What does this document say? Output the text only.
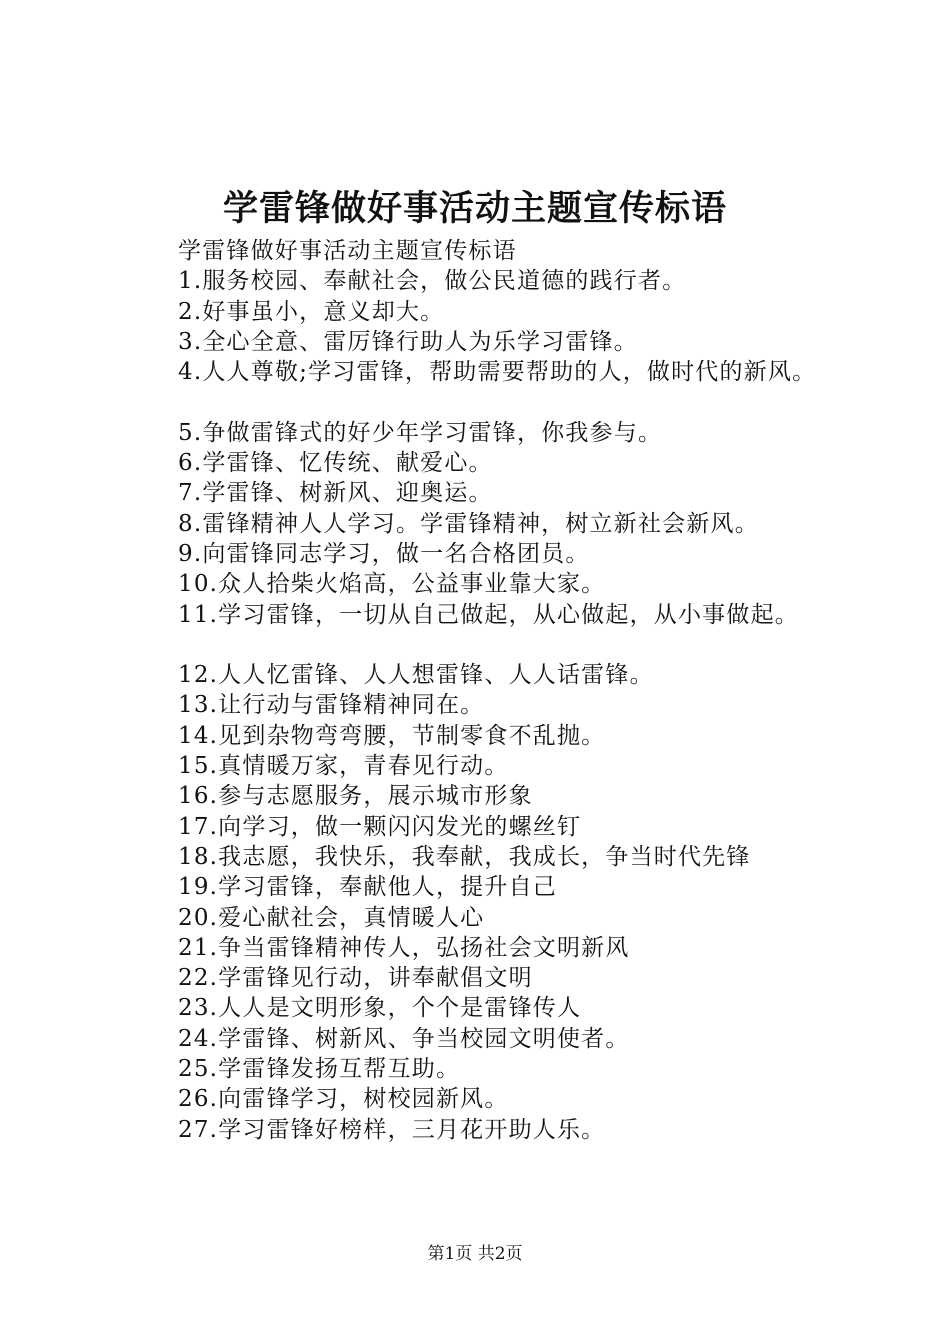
学雷锋做好事活动主题宣传标语
学雷锋做好事活动主题宣传标语
1.服务校园、奉献社会，做公民道德的践行者。
2.好事虽小，意义却大。
3.全心全意、雷厉锋行助人为乐学习雷锋。
4.人人尊敬;学习雷锋，帮助需要帮助的人，做时代的新风。
5.争做雷锋式的好少年学习雷锋，你我参与。
6.学雷锋、忆传统、献爱心。
7.学雷锋、树新风、迎奥运。
8.雷锋精神人人学习。学雷锋精神，树立新社会新风。
9.向雷锋同志学习，做一名合格团员。
10.众人拾柴火焰高，公益事业靠大家。
11.学习雷锋，一切从自己做起，从心做起，从小事做起。
12.人人忆雷锋、人人想雷锋、人人话雷锋。
13.让行动与雷锋精神同在。
14.见到杂物弯弯腰，节制零食不乱抛。
15.真情暖万家，青春见行动。
16.参与志愿服务，展示城市形象
17.向学习，做一颗闪闪发光的螺丝钉
18.我志愿，我快乐，我奉献，我成长，争当时代先锋
19.学习雷锋，奉献他人，提升自己
20.爱心献社会，真情暖人心
21.争当雷锋精神传人，弘扬社会文明新风
22.学雷锋见行动，讲奉献倡文明
23.人人是文明形象，个个是雷锋传人
24.学雷锋、树新风、争当校园文明使者。
25.学雷锋发扬互帮互助。
26.向雷锋学习，树校园新风。
27.学习雷锋好榜样，三月花开助人乐。
第1页 共2页
